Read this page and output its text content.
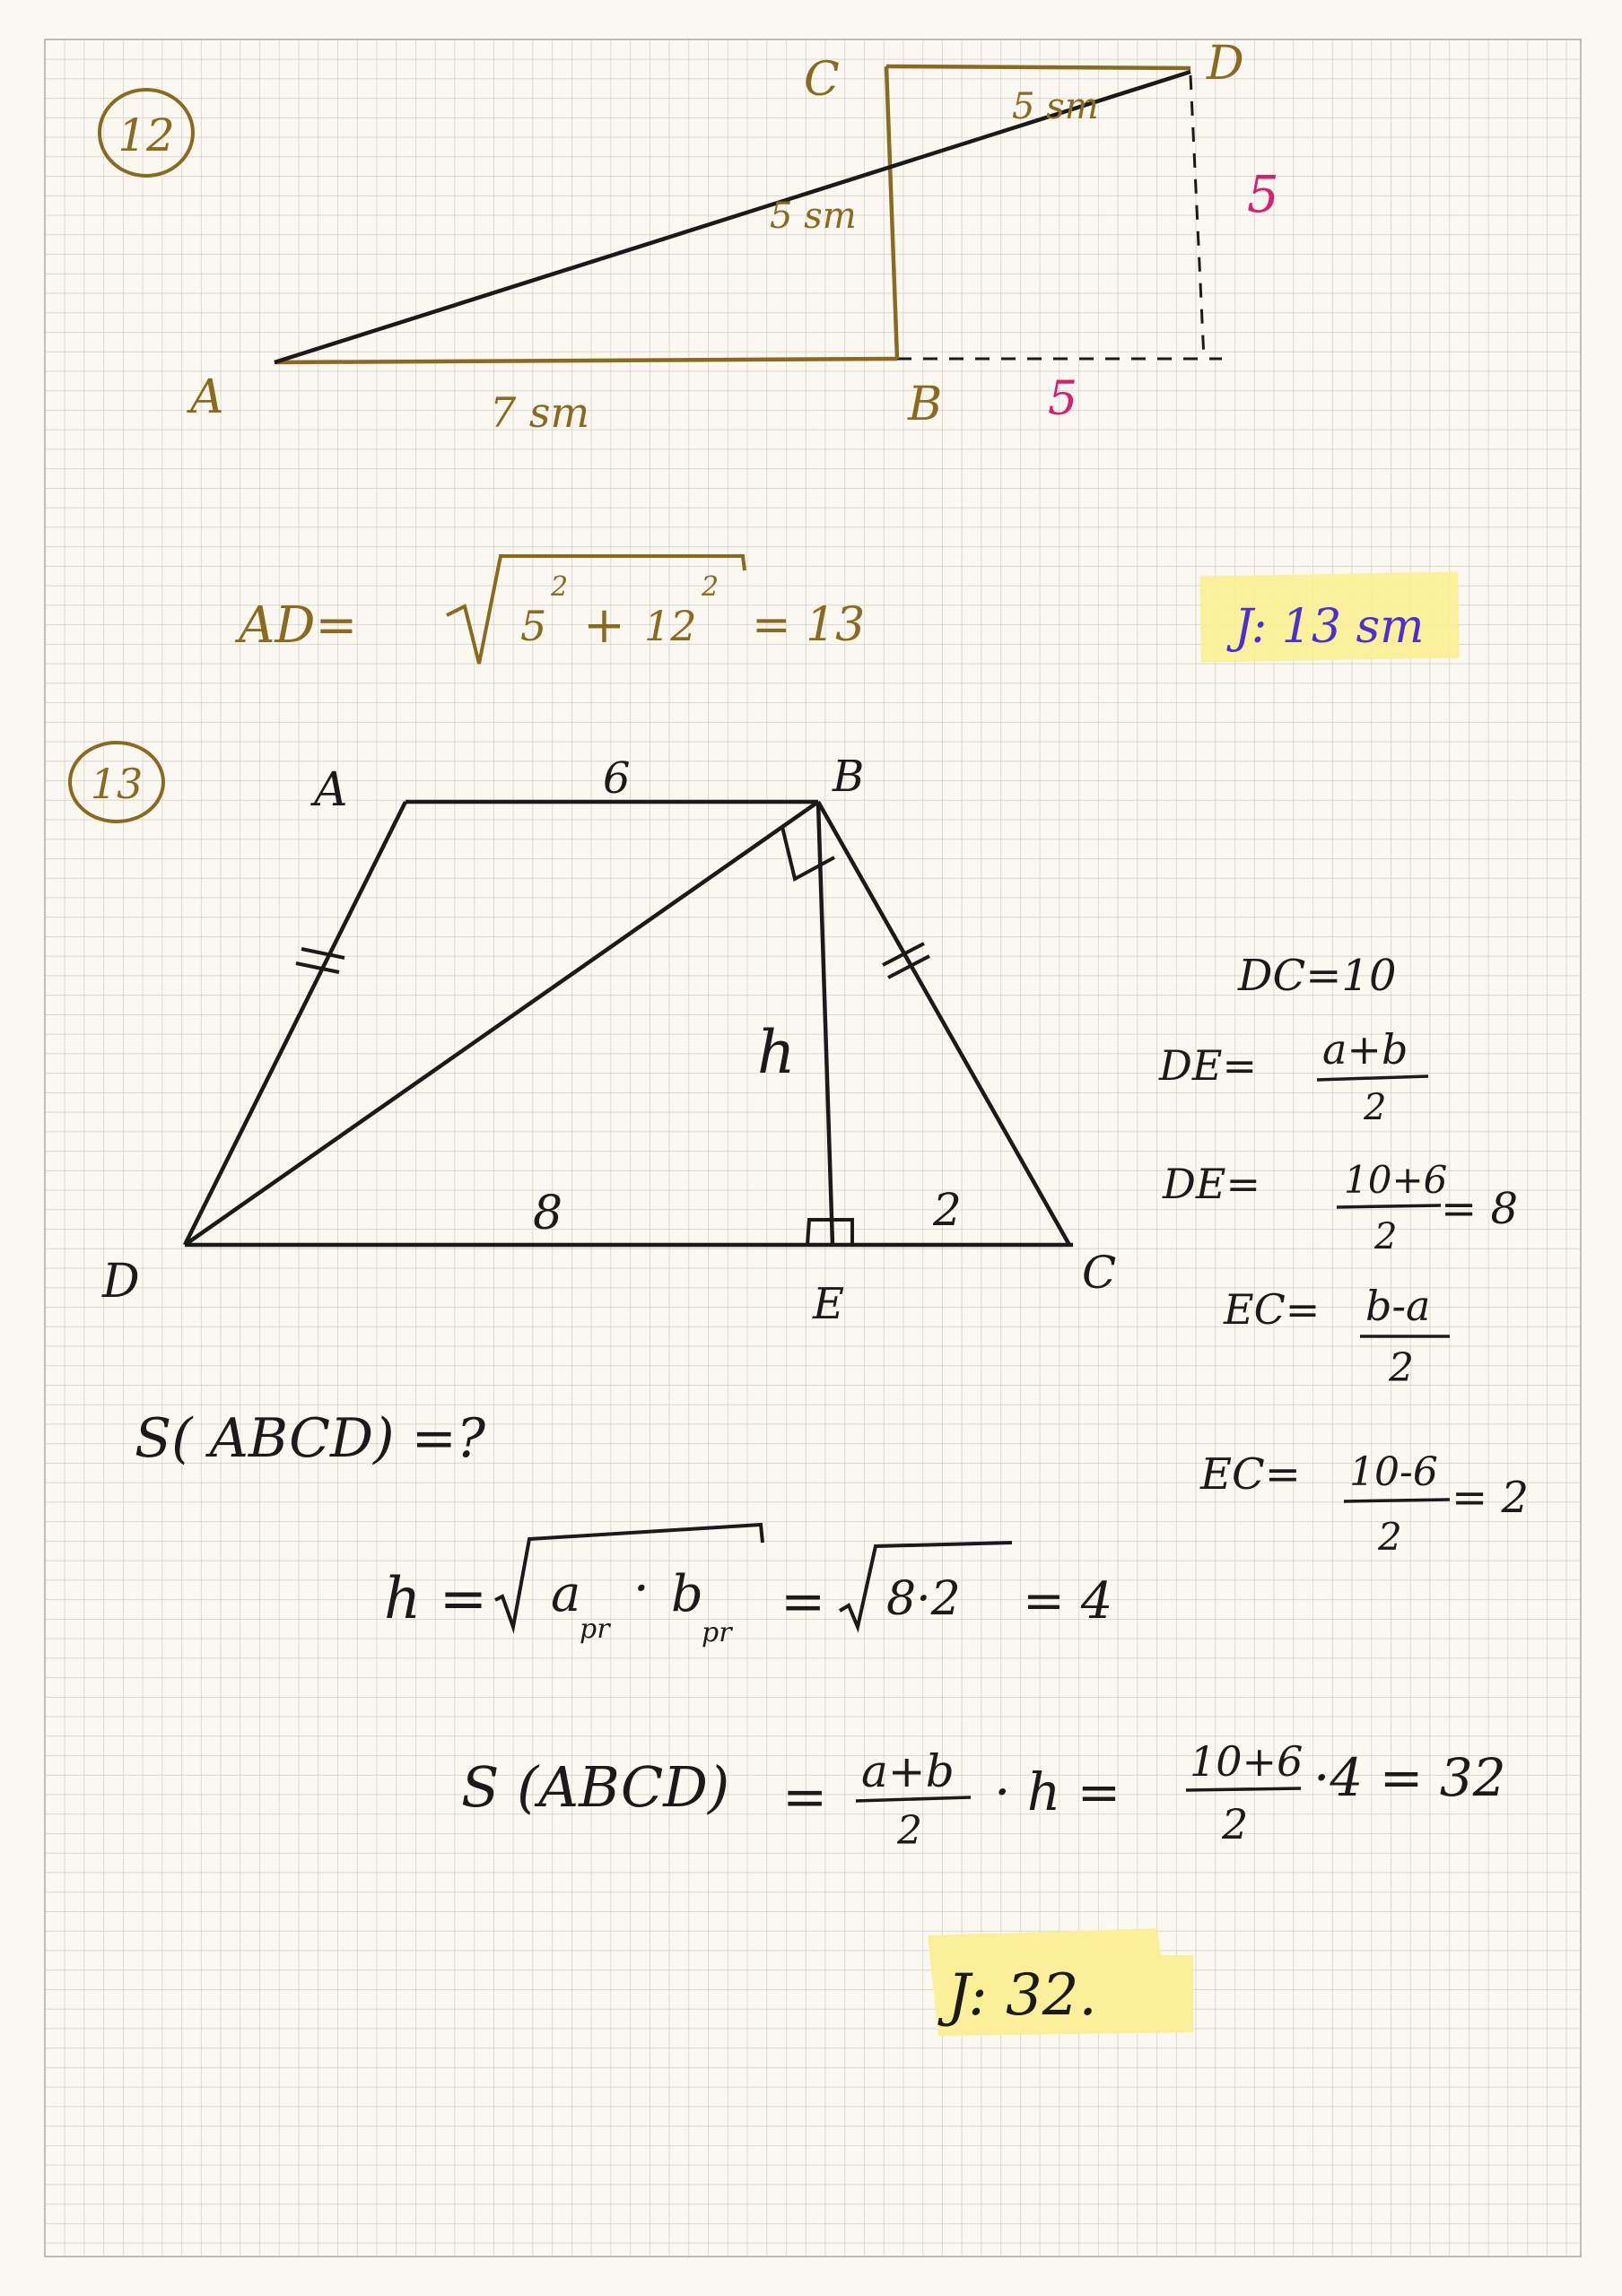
12
A	B
C	D
7 sm
5 sm
5 sm
5
5
AD=	5
2
+ 12
2
= 13	J: 13 sm
13	A	B
C
D	E
6
h
8	2
S( ABCD) =?
h = a
pr
· b
pr = 8·2 = 4
DC=10
DE= a+b
2
DE= 10+6
2
= 8
EC= b-a
2
EC= 10-6
2
= 2
S (ABCD) = a+b
2
· h = 10+6
2
·4 = 32
J: 32.
